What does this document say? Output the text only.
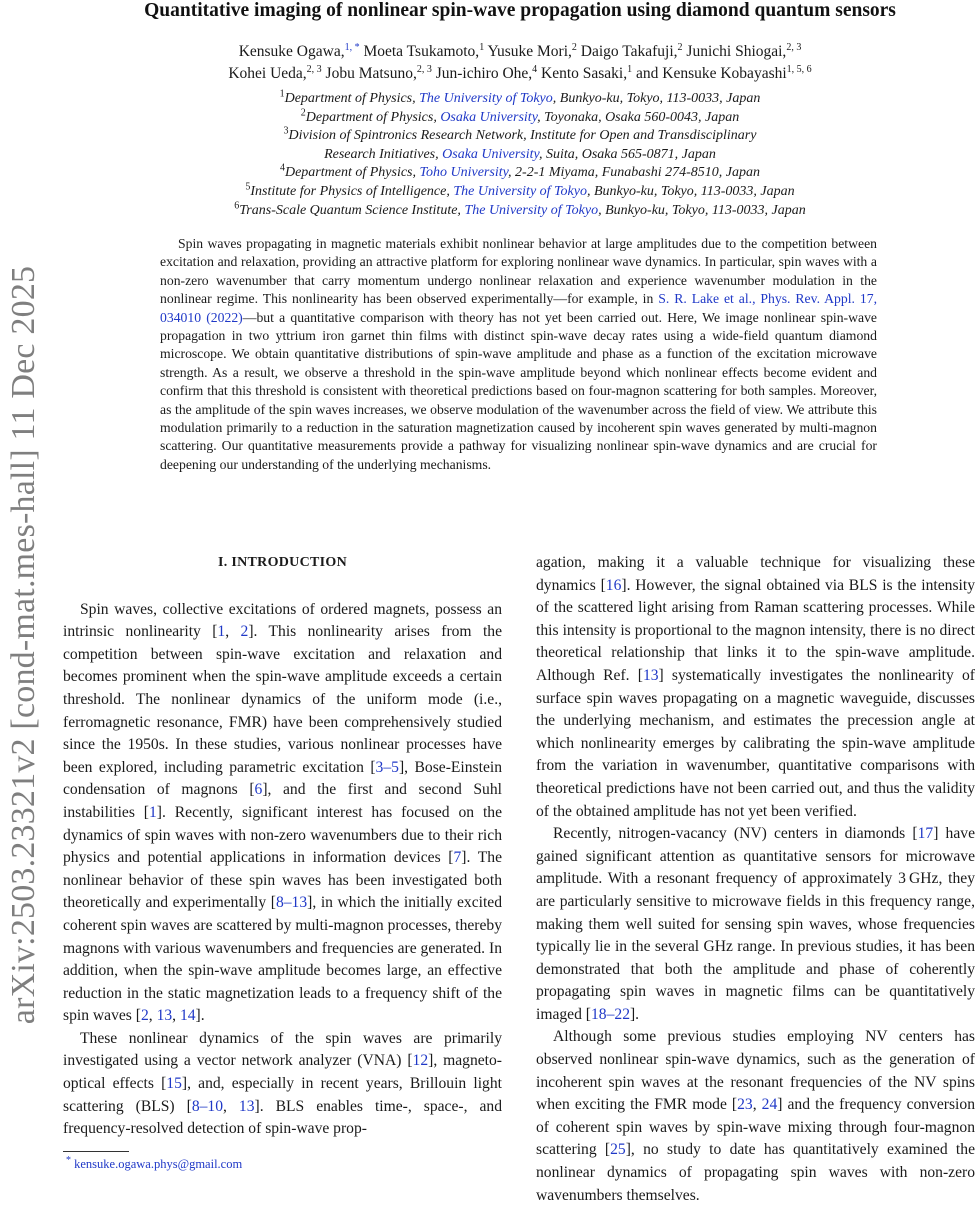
arXiv:2503.23321v2 [cond-mat.mes-hall] 11 Dec 2025
Quantitative imaging of nonlinear spin-wave propagation using diamond quantum sensors
Kensuke Ogawa,$^{1, *}$ Moeta Tsukamoto,$^1$ Yusuke Mori,$^2$ Daigo Takafuji,$^2$ Junichi Shiogai,$^{2, 3}$
Kohei Ueda,$^{2, 3}$ Jobu Matsuno,$^{2, 3}$ Jun-ichiro Ohe,$^4$ Kento Sasaki,$^1$ and Kensuke Kobayashi$^{1, 5, 6}$
$^1$Department of Physics, The University of Tokyo, Bunkyo-ku, Tokyo, 113-0033, Japan
$^2$Department of Physics, Osaka University, Toyonaka, Osaka 560-0043, Japan
$^3$Division of Spintronics Research Network, Institute for Open and Transdisciplinary
Research Initiatives, Osaka University, Suita, Osaka 565-0871, Japan
$^4$Department of Physics, Toho University, 2-2-1 Miyama, Funabashi 274-8510, Japan
$^5$Institute for Physics of Intelligence, The University of Tokyo, Bunkyo-ku, Tokyo, 113-0033, Japan
$^6$Trans-Scale Quantum Science Institute, The University of Tokyo, Bunkyo-ku, Tokyo, 113-0033, Japan

Spin waves propagating in magnetic materials exhibit nonlinear behavior at large amplitudes due to the competition between excitation and relaxation, providing an attractive platform for exploring nonlinear wave dynamics. In particular, spin waves with a non-zero wavenumber that carry momentum undergo nonlinear relaxation and experience wavenumber modulation in the nonlinear regime. This nonlinearity has been observed experimentally—for example, in S. R. Lake et al., Phys. Rev. Appl. 17, 034010 (2022)—but a quantitative comparison with theory has not yet been carried out. Here, We image nonlinear spin-wave propagation in two yttrium iron garnet thin films with distinct spin-wave decay rates using a wide-field quantum diamond microscope. We obtain quantitative distributions of spin-wave amplitude and phase as a function of the excitation microwave strength. As a result, we observe a threshold in the spin-wave amplitude beyond which nonlinear effects become evident and confirm that this threshold is consistent with theoretical predictions based on four-magnon scattering for both samples. Moreover, as the amplitude of the spin waves increases, we observe modulation of the wavenumber across the field of view. We attribute this modulation primarily to a reduction in the saturation magnetization caused by incoherent spin waves generated by multi-magnon scattering. Our quantitative measurements provide a pathway for visualizing nonlinear spin-wave dynamics and are crucial for deepening our understanding of the underlying mechanisms.

I. INTRODUCTION

Spin waves, collective excitations of ordered magnets, possess an intrinsic nonlinearity [1, 2]. This nonlinearity arises from the competition between spin-wave excitation and relaxation and becomes prominent when the spin-wave amplitude exceeds a certain threshold. The nonlinear dynamics of the uniform mode (i.e., ferromagnetic resonance, FMR) have been comprehensively studied since the 1950s. In these studies, various nonlinear processes have been explored, including parametric excitation [3–5], Bose-Einstein condensation of magnons [6], and the first and second Suhl instabilities [1]. Recently, significant interest has focused on the dynamics of spin waves with non-zero wavenumbers due to their rich physics and potential applications in information devices [7]. The nonlinear behavior of these spin waves has been investigated both theoretically and experimentally [8–13], in which the initially excited coherent spin waves are scattered by multi-magnon processes, thereby magnons with various wavenumbers and frequencies are generated. In addition, when the spin-wave amplitude becomes large, an effective reduction in the static magnetization leads to a frequency shift of the spin waves [2, 13, 14].

These nonlinear dynamics of the spin waves are primarily investigated using a vector network analyzer (VNA) [12], magneto-optical effects [15], and, especially in recent years, Brillouin light scattering (BLS) [8–10, 13]. BLS enables time-, space-, and frequency-resolved detection of spin-wave prop-

agation, making it a valuable technique for visualizing these dynamics [16]. However, the signal obtained via BLS is the intensity of the scattered light arising from Raman scattering processes. While this intensity is proportional to the magnon intensity, there is no direct theoretical relationship that links it to the spin-wave amplitude. Although Ref. [13] systematically investigates the nonlinearity of surface spin waves propagating on a magnetic waveguide, discusses the underlying mechanism, and estimates the precession angle at which nonlinearity emerges by calibrating the spin-wave amplitude from the variation in wavenumber, quantitative comparisons with theoretical predictions have not been carried out, and thus the validity of the obtained amplitude has not yet been verified.

Recently, nitrogen-vacancy (NV) centers in diamonds [17] have gained significant attention as quantitative sensors for microwave amplitude. With a resonant frequency of approximately 3 GHz, they are particularly sensitive to microwave fields in this frequency range, making them well suited for sensing spin waves, whose frequencies typically lie in the several GHz range. In previous studies, it has been demonstrated that both the amplitude and phase of coherently propagating spin waves in magnetic films can be quantitatively imaged [18–22].

Although some previous studies employing NV centers has observed nonlinear spin-wave dynamics, such as the generation of incoherent spin waves at the resonant frequencies of the NV spins when exciting the FMR mode [23, 24] and the frequency conversion of coherent spin waves by spin-wave mixing through four-magnon scattering [25], no study to date has quantitatively examined the nonlinear dynamics of propagating spin waves with non-zero wavenumbers themselves.

* kensuke.ogawa.phys@gmail.com
